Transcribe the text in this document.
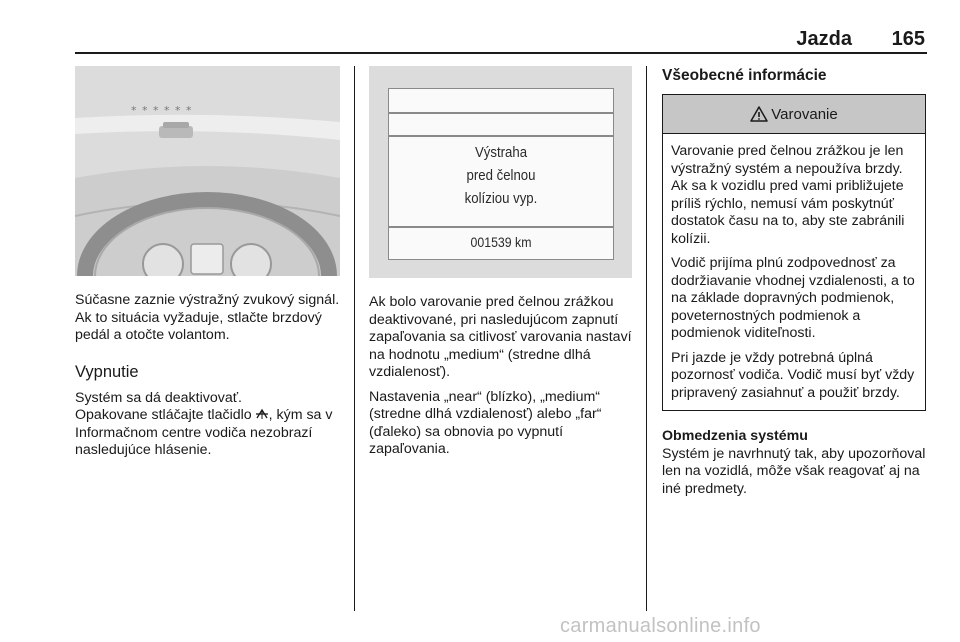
Jazda 165
* * * * * *

Súčasne zaznie výstražný zvukový signál. Ak to situácia vyžaduje, stlačte brzdový pedál a otočte volantom.

Vypnutie

Systém sa dá deaktivovať.
Opakovane stláčajte tlačidlo , kým sa v Informačnom centre vodiča nezobrazí nasledujúce hlásenie.

Výstraha
pred čelnou
kolíziou vyp.
001539 km

Ak bolo varovanie pred čelnou zrážkou deaktivované, pri nasledujúcom zapnutí zapaľovania sa citlivosť varovania nastaví na hodnotu „medium“ (stredne dlhá vzdialenosť).

Nastavenia „near“ (blízko), „medium“ (stredne dlhá vzdialenosť) alebo „far“ (ďaleko) sa obnovia po vypnutí zapaľovania.

Všeobecné informácie
Varovanie

Varovanie pred čelnou zrážkou je len výstražný systém a nepoužíva brzdy. Ak sa k vozidlu pred vami približujete príliš rýchlo, nemusí vám poskytnúť dostatok času na to, aby ste zabránili kolízii.

Vodič prijíma plnú zodpovednosť za dodržiavanie vhodnej vzdialenosti, a to na základe dopravných podmienok, poveternostných podmienok a podmienok viditeľnosti.

Pri jazde je vždy potrebná úplná pozornosť vodiča. Vodič musí byť vždy pripravený zasiahnuť a použiť brzdy.

Obmedzenia systému

Systém je navrhnutý tak, aby upozorňoval len na vozidlá, môže však reagovať aj na iné predmety.

carmanualsonline.info
